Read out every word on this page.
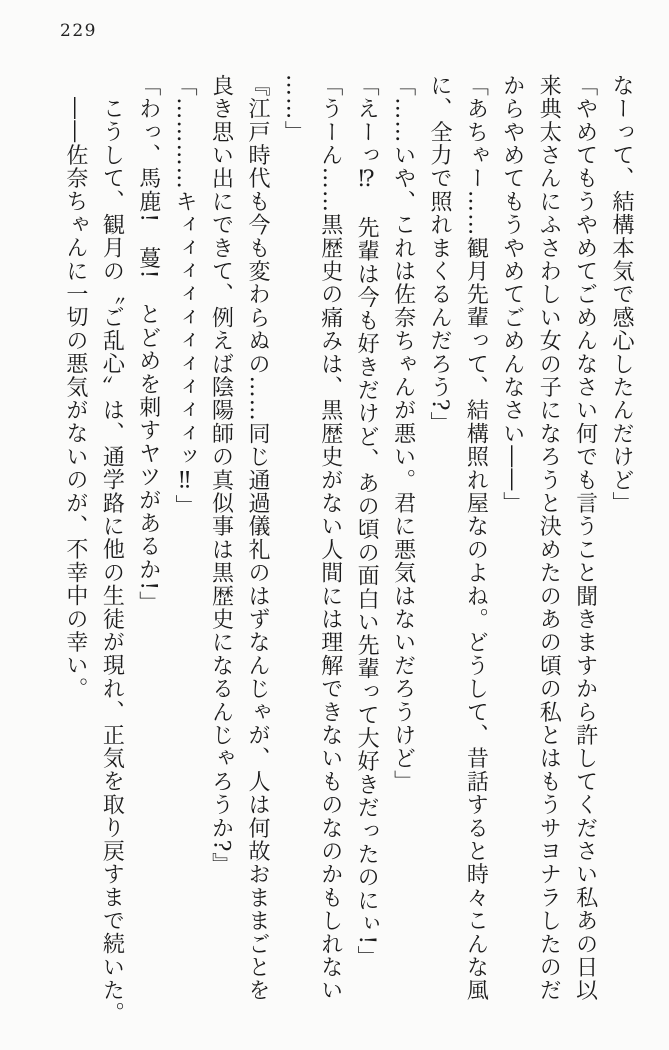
229

なーって、結構本気で感心したんだけど」

「やめてもうやめてごめんなさい何でも言うこと聞きますから許してください私あの日以

来典太さんにふさわしい女の子になろうと決めたのあの頃の私とはもうサヨナラしたのだ

からやめてもうやめてごめんなさい――」

「あちゃー……観月先輩って、結構照れ屋なのよね。どうして、昔話すると時々こんな風

に、全力で照れまくるんだろう?」

「……いや、これは佐奈ちゃんが悪い。君に悪気はないだろうけど」

「えーっ⁉　先輩は今も好きだけど、あの頃の面白い先輩って大好きだったのにぃ!」

「うーん……黒歴史の痛みは、黒歴史がない人間には理解できないものなのかもしれない

……」

『江戸時代も今も変わらぬの……同じ通過儀礼のはずなんじゃが、人は何故おままごとを

良き思い出にできて、例えば陰陽師の真似事は黒歴史になるんじゃろうか?』

「…………キィィィィィィィィィィッ‼」

「わっ、馬鹿!　蔓!　とどめを刺すヤツがあるか!」

こうして、観月の〝ご乱心〟は、通学路に他の生徒が現れ、正気を取り戻すまで続いた。

――佐奈ちゃんに一切の悪気がないのが、不幸中の幸い。
